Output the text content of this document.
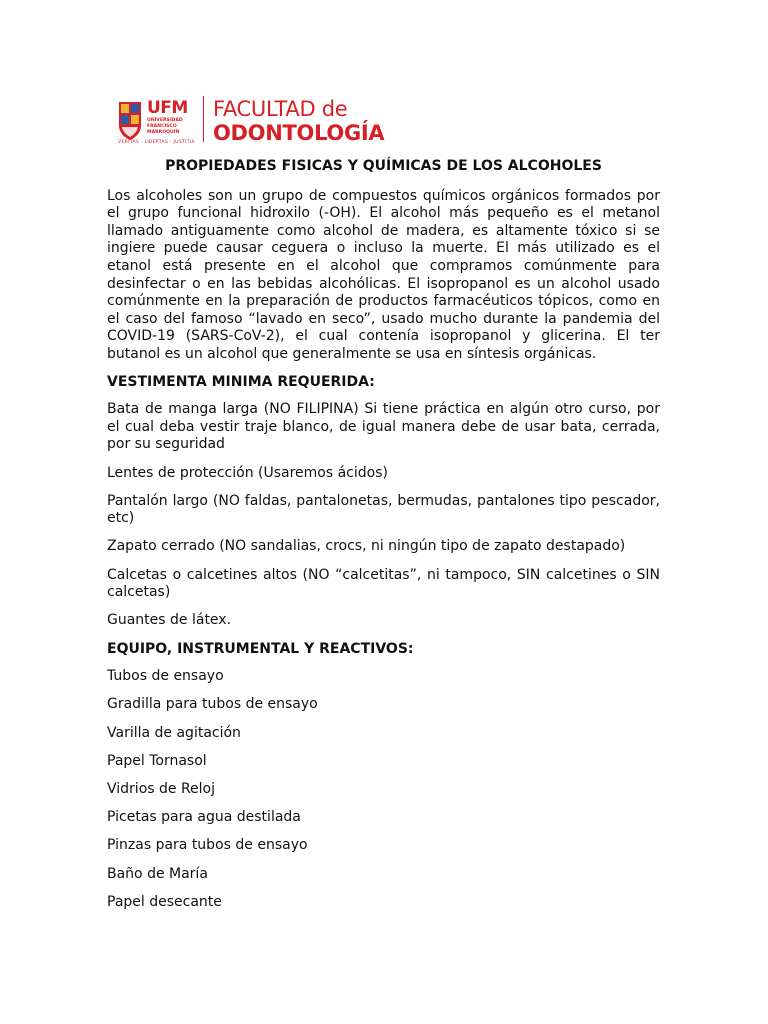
UFM
UNIVERSIDAD
FRANCISCO
MARROQUÍN
VERITAS · LIBERTAS · JUSTITIA
FACULTAD de
ODONTOLOGÍA
PROPIEDADES FISICAS Y QUÍMICAS DE LOS ALCOHOLES

Los alcoholes son un grupo de compuestos químicos orgánicos formados por el grupo funcional hidroxilo (-OH). El alcohol más pequeño es el metanol llamado antiguamente como alcohol de madera, es altamente tóxico si se ingiere puede causar ceguera o incluso la muerte. El más utilizado es el etanol está presente en el alcohol que compramos comúnmente para desinfectar o en las bebidas alcohólicas. El isopropanol es un alcohol usado comúnmente en la preparación de productos farmacéuticos tópicos, como en el caso del famoso “lavado en seco”, usado mucho durante la pandemia del COVID-19 (SARS-CoV-2), el cual contenía isopropanol y glicerina. El ter butanol es un alcohol que generalmente se usa en síntesis orgánicas.

VESTIMENTA MINIMA REQUERIDA:

Bata de manga larga (NO FILIPINA) Si tiene práctica en algún otro curso, por el cual deba vestir traje blanco, de igual manera debe de usar bata, cerrada, por su seguridad

Lentes de protección (Usaremos ácidos)

Pantalón largo (NO faldas, pantalonetas, bermudas, pantalones tipo pescador, etc)

Zapato cerrado (NO sandalias, crocs, ni ningún tipo de zapato destapado)

Calcetas o calcetines altos (NO “calcetitas”, ni tampoco, SIN calcetines o SIN calcetas)

Guantes de látex.

EQUIPO, INSTRUMENTAL Y REACTIVOS:

Tubos de ensayo

Gradilla para tubos de ensayo

Varilla de agitación

Papel Tornasol

Vidrios de Reloj

Picetas para agua destilada

Pinzas para tubos de ensayo

Baño de María

Papel desecante
